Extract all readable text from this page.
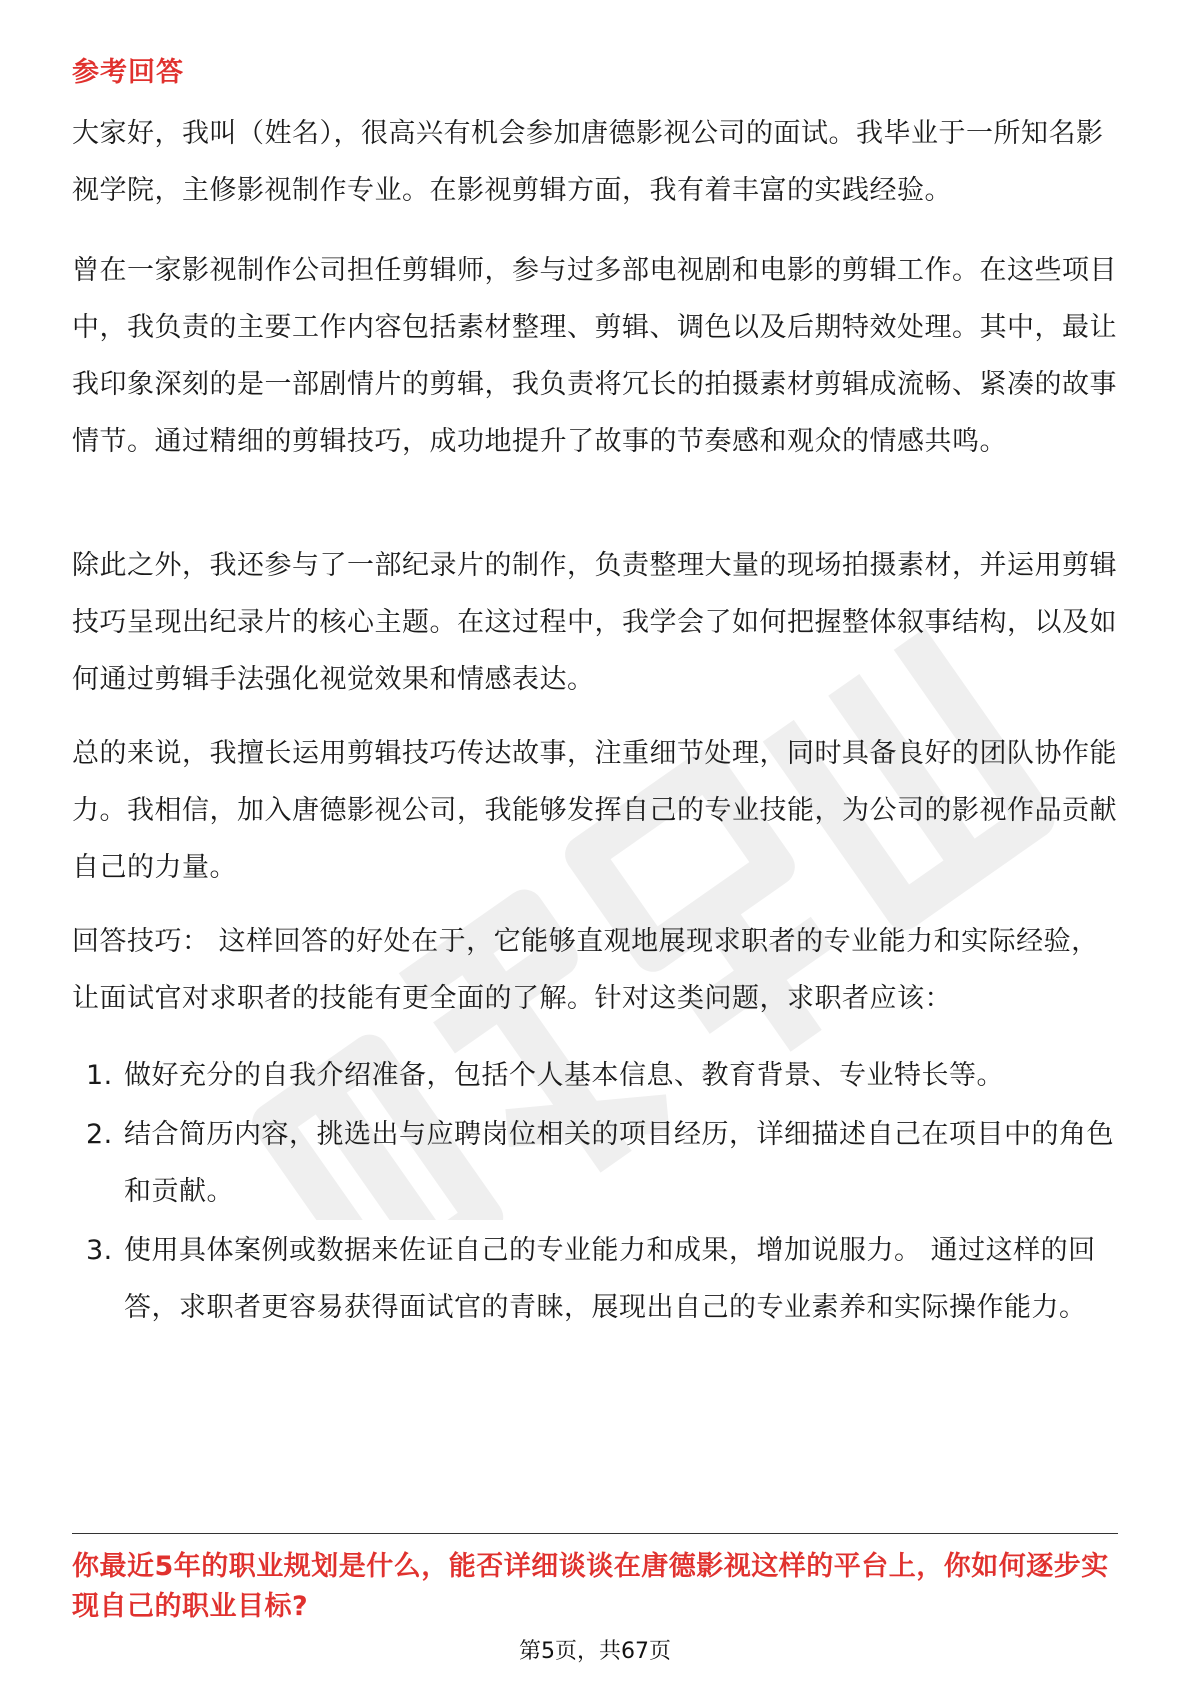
参考回答

大家好，我叫（姓名），很高兴有机会参加唐德影视公司的面试。我毕业于一所知名影视学院，主修影视制作专业。在影视剪辑方面，我有着丰富的实践经验。

曾在一家影视制作公司担任剪辑师，参与过多部电视剧和电影的剪辑工作。在这些项目中，我负责的主要工作内容包括素材整理、剪辑、调色以及后期特效处理。其中，最让我印象深刻的是一部剧情片的剪辑，我负责将冗长的拍摄素材剪辑成流畅、紧凑的故事情节。通过精细的剪辑技巧，成功地提升了故事的节奏感和观众的情感共鸣。

除此之外，我还参与了一部纪录片的制作，负责整理大量的现场拍摄素材，并运用剪辑技巧呈现出纪录片的核心主题。在这过程中，我学会了如何把握整体叙事结构，以及如何通过剪辑手法强化视觉效果和情感表达。

总的来说，我擅长运用剪辑技巧传达故事，注重细节处理，同时具备良好的团队协作能力。我相信，加入唐德影视公司，我能够发挥自己的专业技能，为公司的影视作品贡献自己的力量。

回答技巧： 这样回答的好处在于，它能够直观地展现求职者的专业能力和实际经验，让面试官对求职者的技能有更全面的了解。针对这类问题，求职者应该：

1. 做好充分的自我介绍准备，包括个人基本信息、教育背景、专业特长等。
2. 结合简历内容，挑选出与应聘岗位相关的项目经历，详细描述自己在项目中的角色和贡献。
3. 使用具体案例或数据来佐证自己的专业能力和成果，增加说服力。 通过这样的回答，求职者更容易获得面试官的青睐，展现出自己的专业素养和实际操作能力。

你最近5年的职业规划是什么，能否详细谈谈在唐德影视这样的平台上，你如何逐步实现自己的职业目标?

第5页，共67页
